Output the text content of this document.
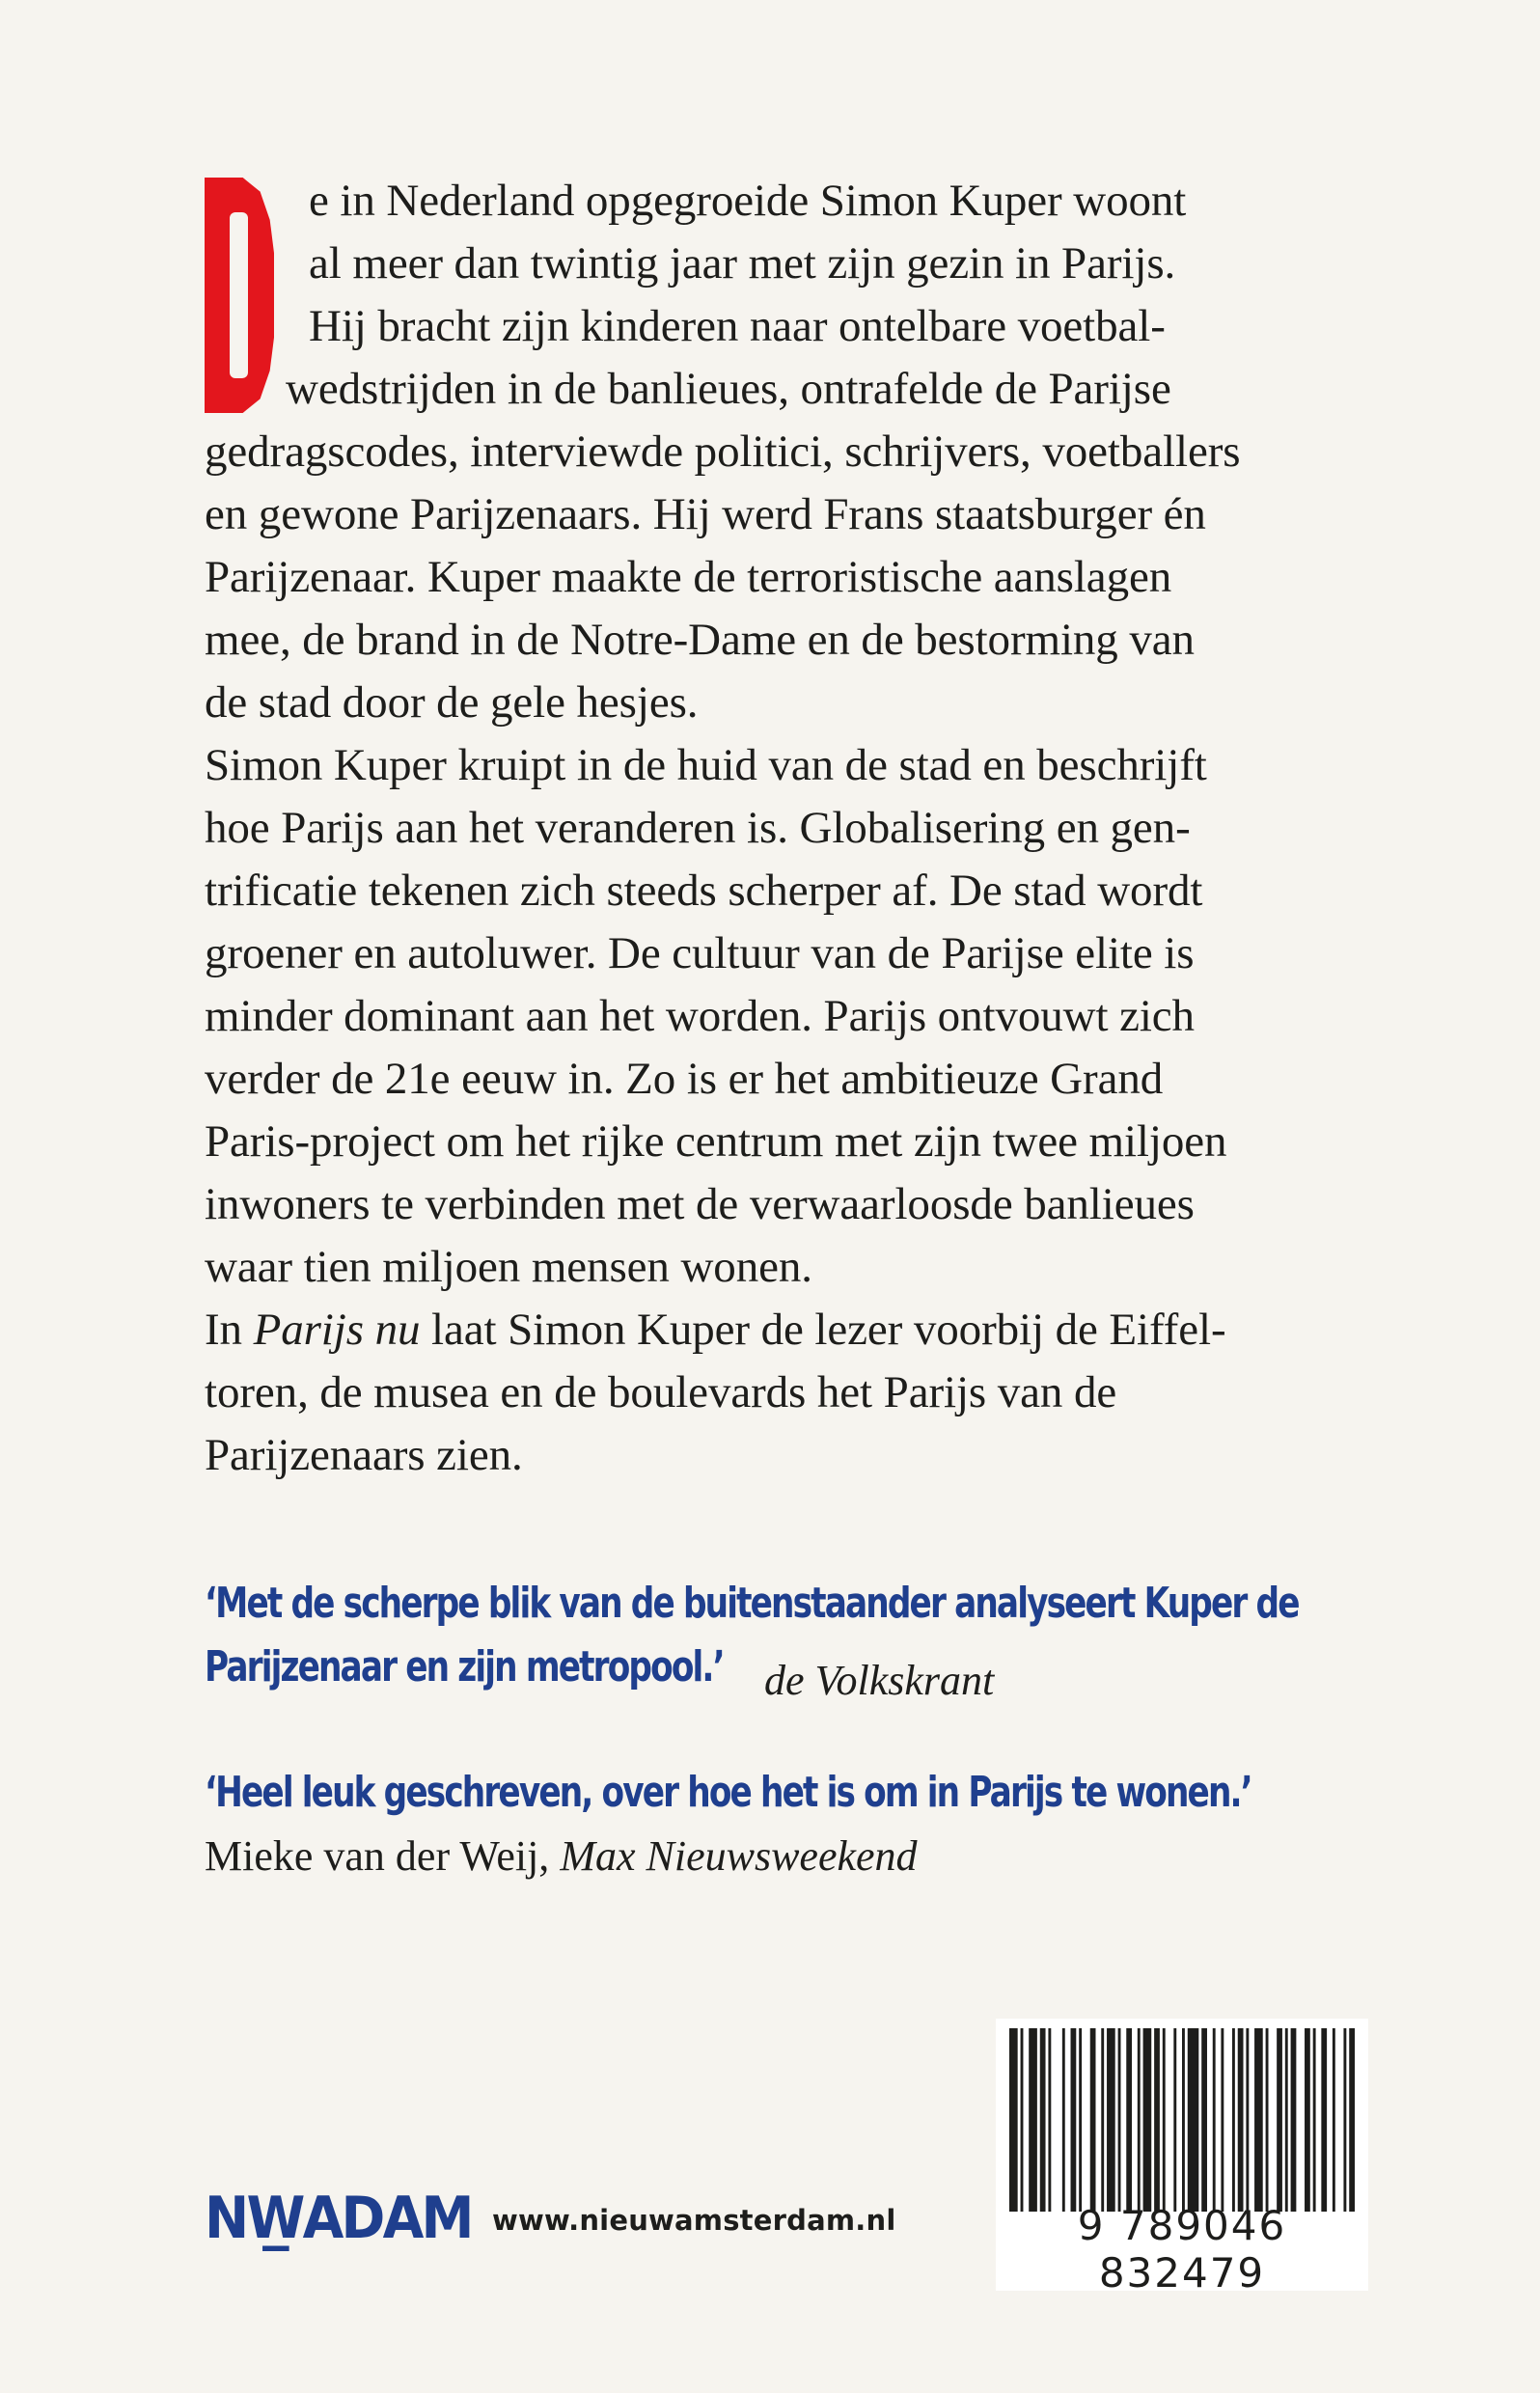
e in Nederland opgegroeide Simon Kuper woont
al meer dan twintig jaar met zijn gezin in Parijs.
Hij bracht zijn kinderen naar ontelbare voetbal-
wedstrijden in de banlieues, ontrafelde de Parijse
gedragscodes, interviewde politici, schrijvers, voetballers
en gewone Parijzenaars. Hij werd Frans staatsburger én
Parijzenaar. Kuper maakte de terroristische aanslagen
mee, de brand in de Notre-Dame en de bestorming van
de stad door de gele hesjes.
Simon Kuper kruipt in de huid van de stad en beschrijft
hoe Parijs aan het veranderen is. Globalisering en gen-
trificatie tekenen zich steeds scherper af. De stad wordt
groener en autoluwer. De cultuur van de Parijse elite is
minder dominant aan het worden. Parijs ontvouwt zich
verder de 21e eeuw in. Zo is er het ambitieuze Grand
Paris-project om het rijke centrum met zijn twee miljoen
inwoners te verbinden met de verwaarloosde banlieues
waar tien miljoen mensen wonen.
In Parijs nu laat Simon Kuper de lezer voorbij de Eiffel-
toren, de musea en de boulevards het Parijs van de
Parijzenaars zien.
‘Met de scherpe blik van de buitenstaander analyseert Kuper de
Parijzenaar en zijn metropool.’ de Volkskrant
‘Heel leuk geschreven, over hoe het is om in Parijs te wonen.’
Mieke van der Weij, Max Nieuwsweekend
NW̲ADAM www.nieuwamsterdam.nl	9 789046 832479
